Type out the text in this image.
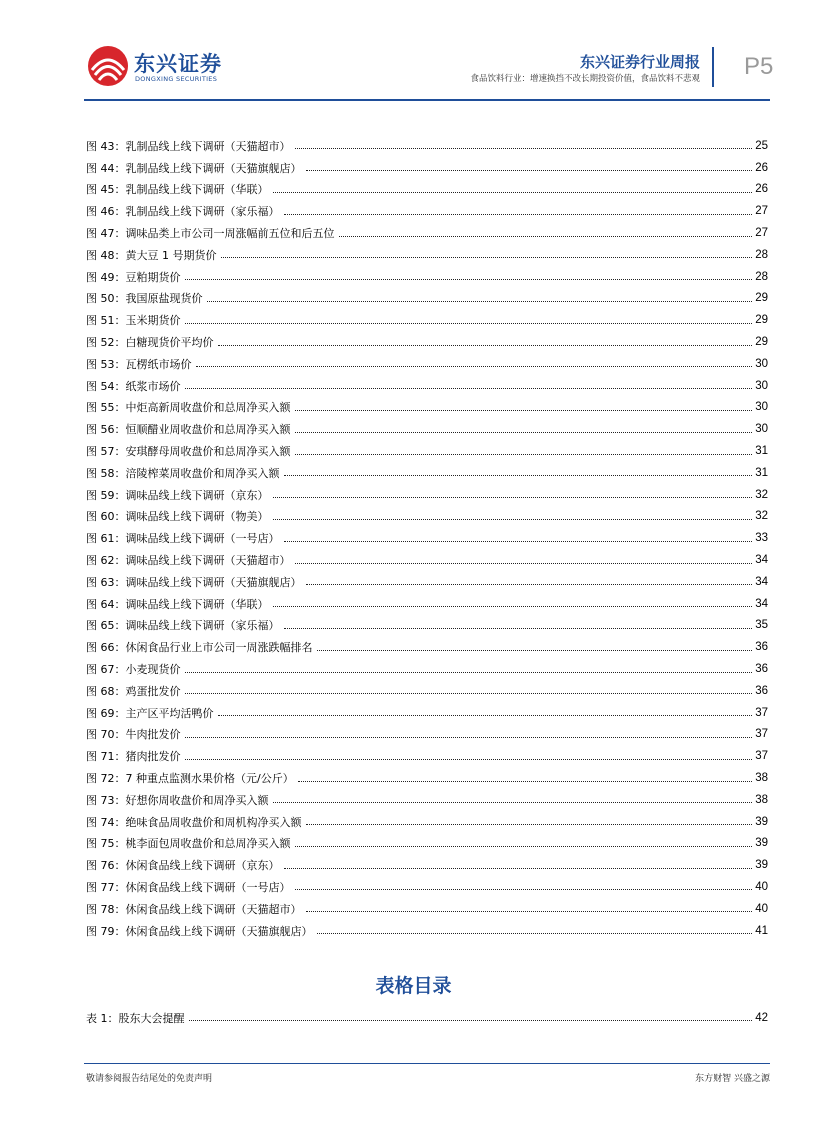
东兴证券
DONGXING SECURITIES
东兴证券行业周报
食品饮料行业：增速换挡不改长期投资价值，食品饮料不悲观 P5
图 43：乳制品线上线下调研（天猫超市）	25
图 44：乳制品线上线下调研（天猫旗舰店）	26
图 45：乳制品线上线下调研（华联）	26
图 46：乳制品线上线下调研（家乐福）	27
图 47：调味品类上市公司一周涨幅前五位和后五位	27
图 48：黄大豆 1 号期货价	28
图 49：豆粕期货价	28
图 50：我国原盐现货价	29
图 51：玉米期货价	29
图 52：白糖现货价平均价	29
图 53：瓦楞纸市场价	30
图 54：纸浆市场价	30
图 55：中炬高新周收盘价和总周净买入额	30
图 56：恒顺醋业周收盘价和总周净买入额	30
图 57：安琪酵母周收盘价和总周净买入额	31
图 58：涪陵榨菜周收盘价和周净买入额	31
图 59：调味品线上线下调研（京东）	32
图 60：调味品线上线下调研（物美）	32
图 61：调味品线上线下调研（一号店）	33
图 62：调味品线上线下调研（天猫超市）	34
图 63：调味品线上线下调研（天猫旗舰店）	34
图 64：调味品线上线下调研（华联）	34
图 65：调味品线上线下调研（家乐福）	35
图 66：休闲食品行业上市公司一周涨跌幅排名	36
图 67：小麦现货价	36
图 68：鸡蛋批发价	36
图 69：主产区平均活鸭价	37
图 70：牛肉批发价	37
图 71：猪肉批发价	37
图 72：7 种重点监测水果价格（元/公斤）	38
图 73：好想你周收盘价和周净买入额	38
图 74：绝味食品周收盘价和周机构净买入额	39
图 75：桃李面包周收盘价和总周净买入额	39
图 76：休闲食品线上线下调研（京东）	39
图 77：休闲食品线上线下调研（一号店）	40
图 78：休闲食品线上线下调研（天猫超市）	40
图 79：休闲食品线上线下调研（天猫旗舰店）	41
表格目录
表 1：股东大会提醒	42
敬请参阅报告结尾处的免责声明	东方财智 兴盛之源
